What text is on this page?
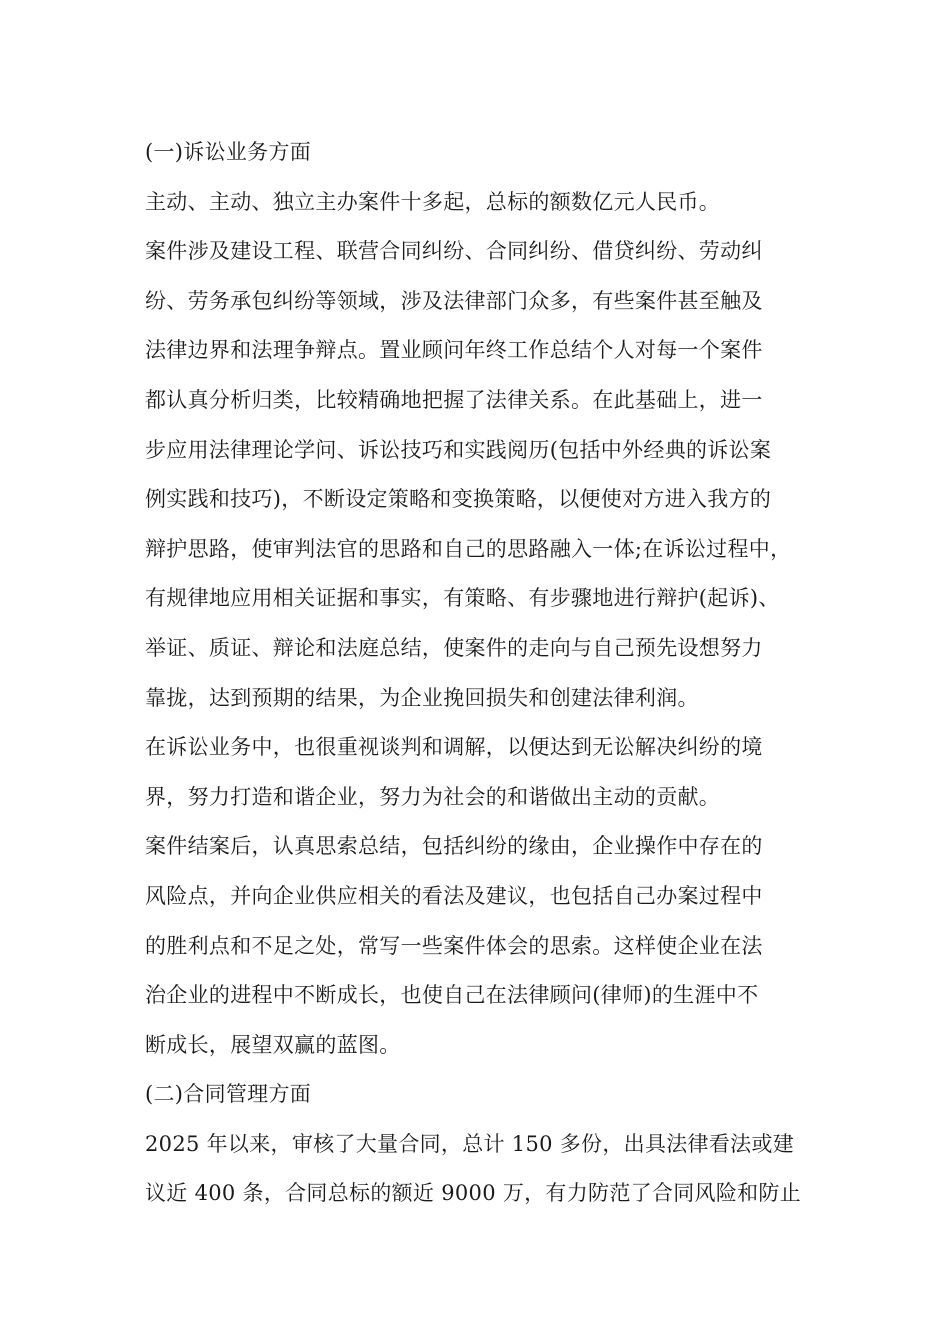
(一)诉讼业务方面
主动、主动、独立主办案件十多起，总标的额数亿元人民币。
案件涉及建设工程、联营合同纠纷、合同纠纷、借贷纠纷、劳动纠
纷、劳务承包纠纷等领域，涉及法律部门众多，有些案件甚至触及
法律边界和法理争辩点。置业顾问年终工作总结个人对每一个案件
都认真分析归类，比较精确地把握了法律关系。在此基础上，进一
步应用法律理论学问、诉讼技巧和实践阅历(包括中外经典的诉讼案
例实践和技巧)，不断设定策略和变换策略，以便使对方进入我方的
辩护思路，使审判法官的思路和自己的思路融入一体;在诉讼过程中，
有规律地应用相关证据和事实，有策略、有步骤地进行辩护(起诉)、
举证、质证、辩论和法庭总结，使案件的走向与自己预先设想努力
靠拢，达到预期的结果，为企业挽回损失和创建法律利润。
在诉讼业务中，也很重视谈判和调解，以便达到无讼解决纠纷的境
界，努力打造和谐企业，努力为社会的和谐做出主动的贡献。
案件结案后，认真思索总结，包括纠纷的缘由，企业操作中存在的
风险点，并向企业供应相关的看法及建议，也包括自己办案过程中
的胜利点和不足之处，常写一些案件体会的思索。这样使企业在法
治企业的进程中不断成长，也使自己在法律顾问(律师)的生涯中不
断成长，展望双赢的蓝图。
(二)合同管理方面
2025 年以来，审核了大量合同，总计 150 多份，出具法律看法或建
议近 400 条，合同总标的额近 9000 万，有力防范了合同风险和防止
